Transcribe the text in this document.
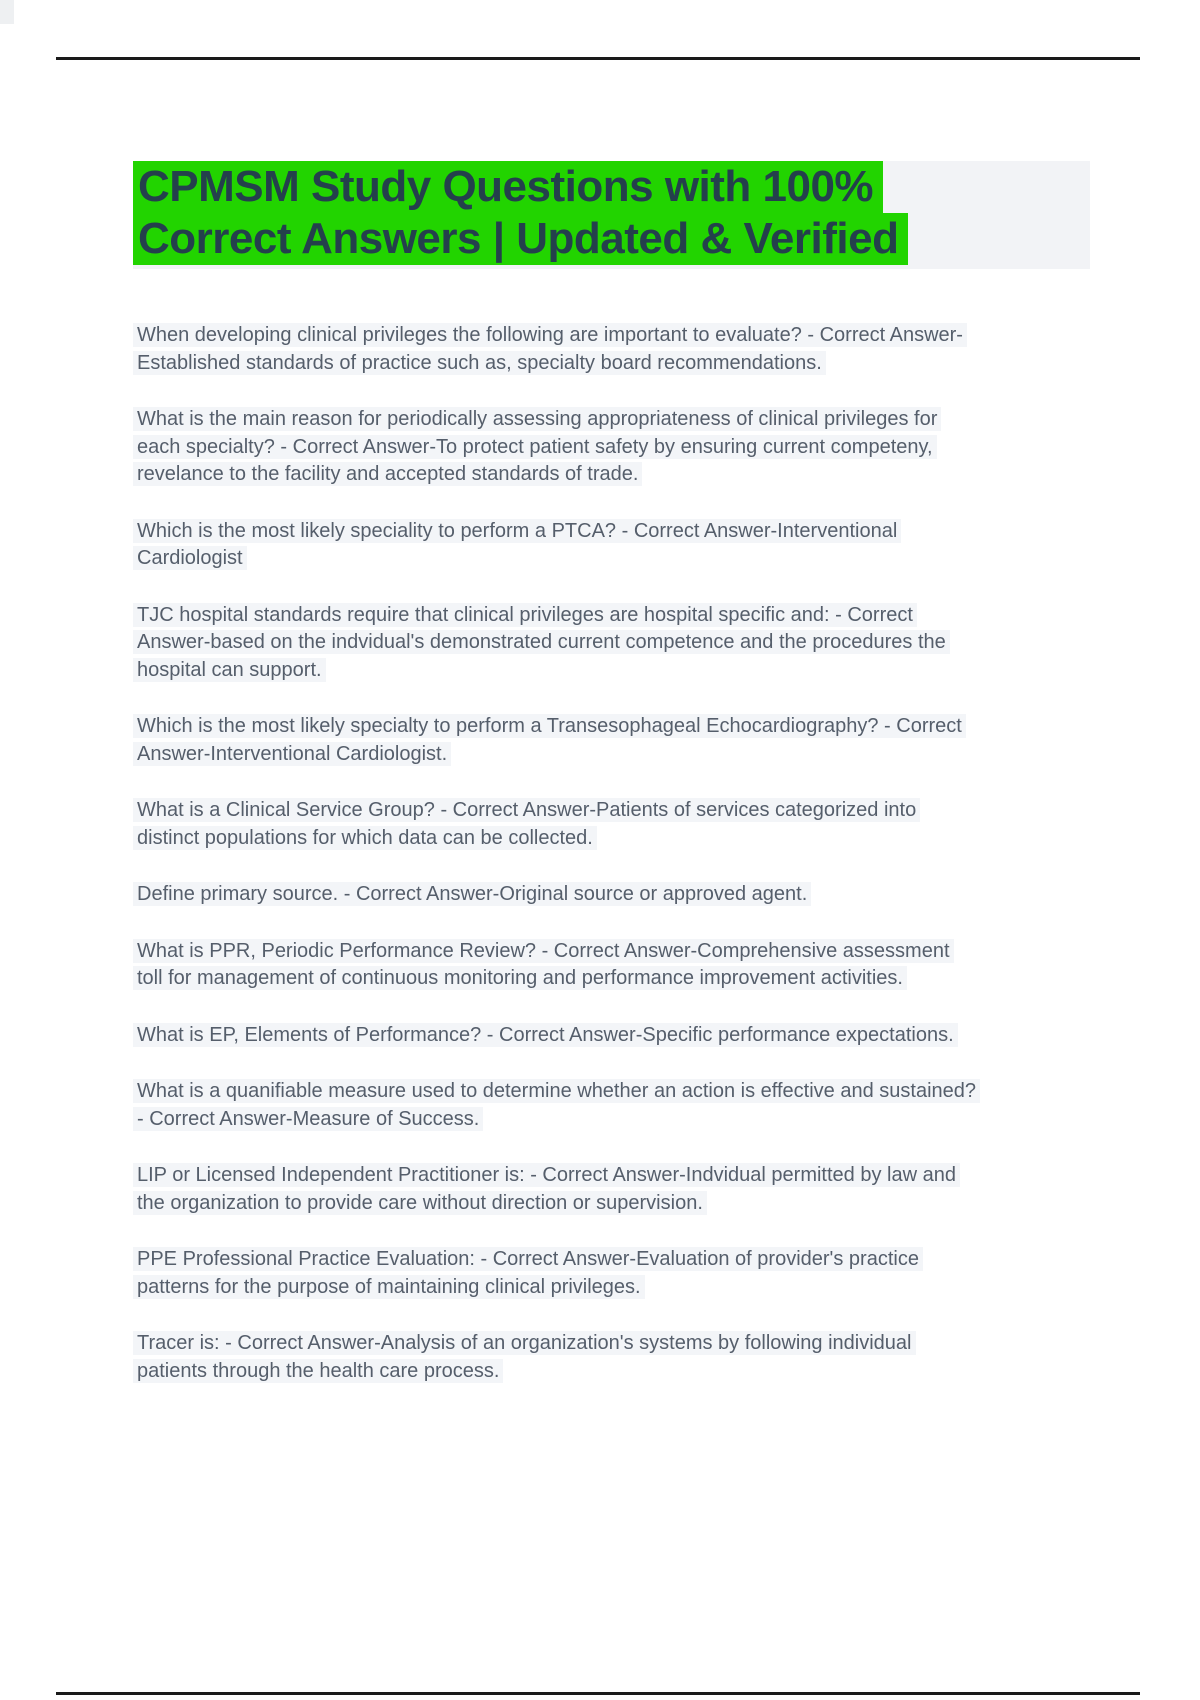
CPMSM Study Questions with 100%
Correct Answers | Updated & Verified

When developing clinical privileges the following are important to evaluate? - Correct Answer-Established standards of practice such as, specialty board recommendations.

What is the main reason for periodically assessing appropriateness of clinical privileges for each specialty? - Correct Answer-To protect patient safety by ensuring current competeny, revelance to the facility and accepted standards of trade.

Which is the most likely speciality to perform a PTCA? - Correct Answer-Interventional Cardiologist

TJC hospital standards require that clinical privileges are hospital specific and: - Correct Answer-based on the indvidual's demonstrated current competence and the procedures the hospital can support.

Which is the most likely specialty to perform a Transesophageal Echocardiography? - Correct Answer-Interventional Cardiologist.

What is a Clinical Service Group? - Correct Answer-Patients of services categorized into distinct populations for which data can be collected.

Define primary source. - Correct Answer-Original source or approved agent.

What is PPR, Periodic Performance Review? - Correct Answer-Comprehensive assessment toll for management of continuous monitoring and performance improvement activities.

What is EP, Elements of Performance? - Correct Answer-Specific performance expectations.

What is a quanifiable measure used to determine whether an action is effective and sustained? - Correct Answer-Measure of Success.

LIP or Licensed Independent Practitioner is: - Correct Answer-Indvidual permitted by law and the organization to provide care without direction or supervision.

PPE Professional Practice Evaluation: - Correct Answer-Evaluation of provider's practice patterns for the purpose of maintaining clinical privileges.

Tracer is: - Correct Answer-Analysis of an organization's systems by following individual patients through the health care process.
